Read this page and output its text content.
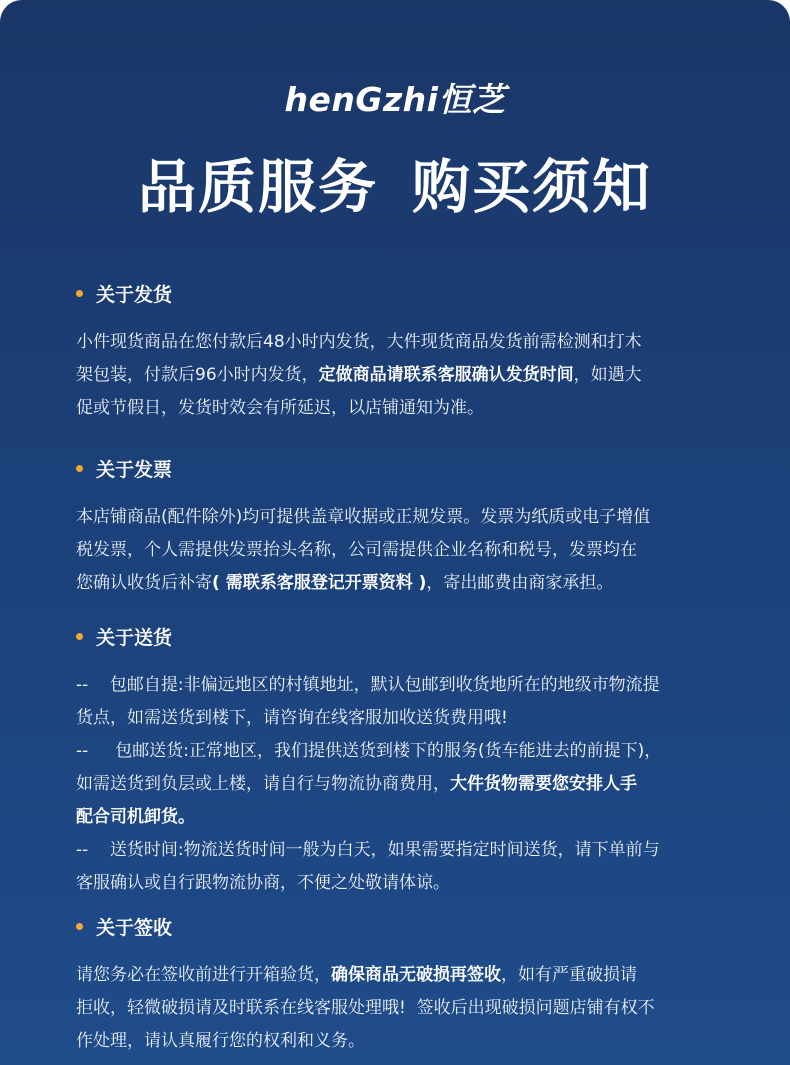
henGzhi恒芝
品质服务 购买须知
关于发货
小件现货商品在您付款后48小时内发货，大件现货商品发货前需检测和打木
架包装，付款后96小时内发货，定做商品请联系客服确认发货时间，如遇大
促或节假日，发货时效会有所延迟，以店铺通知为准。
关于发票
本店铺商品(配件除外)均可提供盖章收据或正规发票。发票为纸质或电子增值
税发票，个人需提供发票抬头名称，公司需提供企业名称和税号，发票均在
您确认收货后补寄( 需联系客服登记开票资料 )，寄出邮费由商家承担。
关于送货
--    包邮自提:非偏远地区的村镇地址，默认包邮到收货地所在的地级市物流提
货点，如需送货到楼下，请咨询在线客服加收送货费用哦!
--     包邮送货:正常地区，我们提供送货到楼下的服务(货车能进去的前提下)，
如需送货到负层或上楼，请自行与物流协商费用，大件货物需要您安排人手
配合司机卸货。
--    送货时间:物流送货时间一般为白天，如果需要指定时间送货，请下单前与
客服确认或自行跟物流协商，不便之处敬请体谅。
关于签收
请您务必在签收前进行开箱验货，确保商品无破损再签收，如有严重破损请
拒收，轻微破损请及时联系在线客服处理哦!  签收后出现破损问题店铺有权不
作处理，请认真履行您的权利和义务。
